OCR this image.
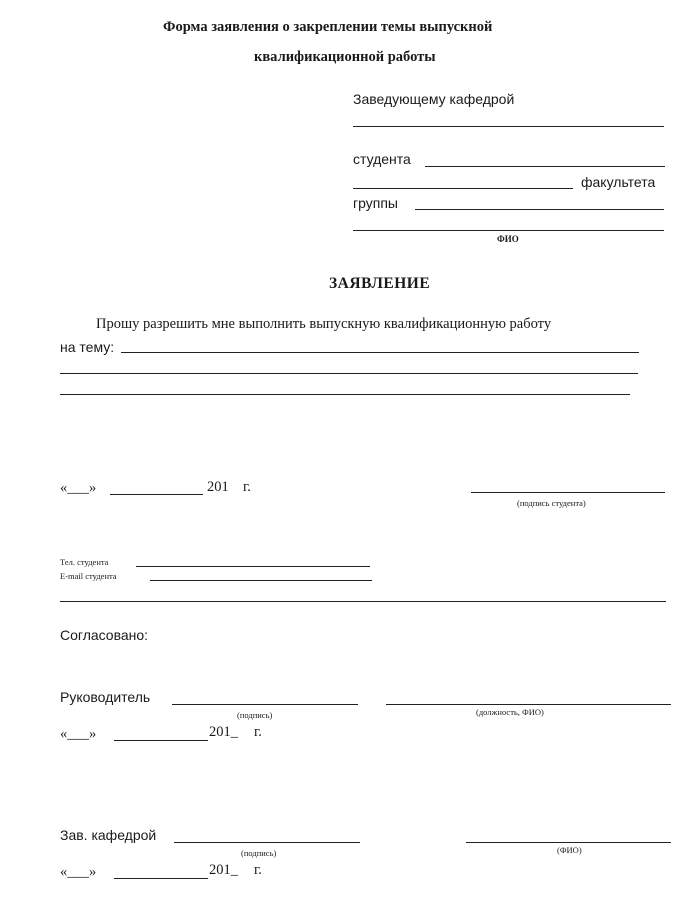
Форма заявления о закреплении темы выпускной
квалификационной работы
Заведующему кафедрой
студента
факультета
группы
ФИО
ЗАЯВЛЕНИЕ
Прошу разрешить мне выполнить выпускную квалификационную работу
на тему:
«___»	201 г.
(подпись студента)
Тел. студента
E-mail студента
Согласовано:
Руководитель
(подпись)	(должность, ФИО)
«___»	201_ г.
Зав. кафедрой
(подпись)	(ФИО)
«___»	201_ г.
